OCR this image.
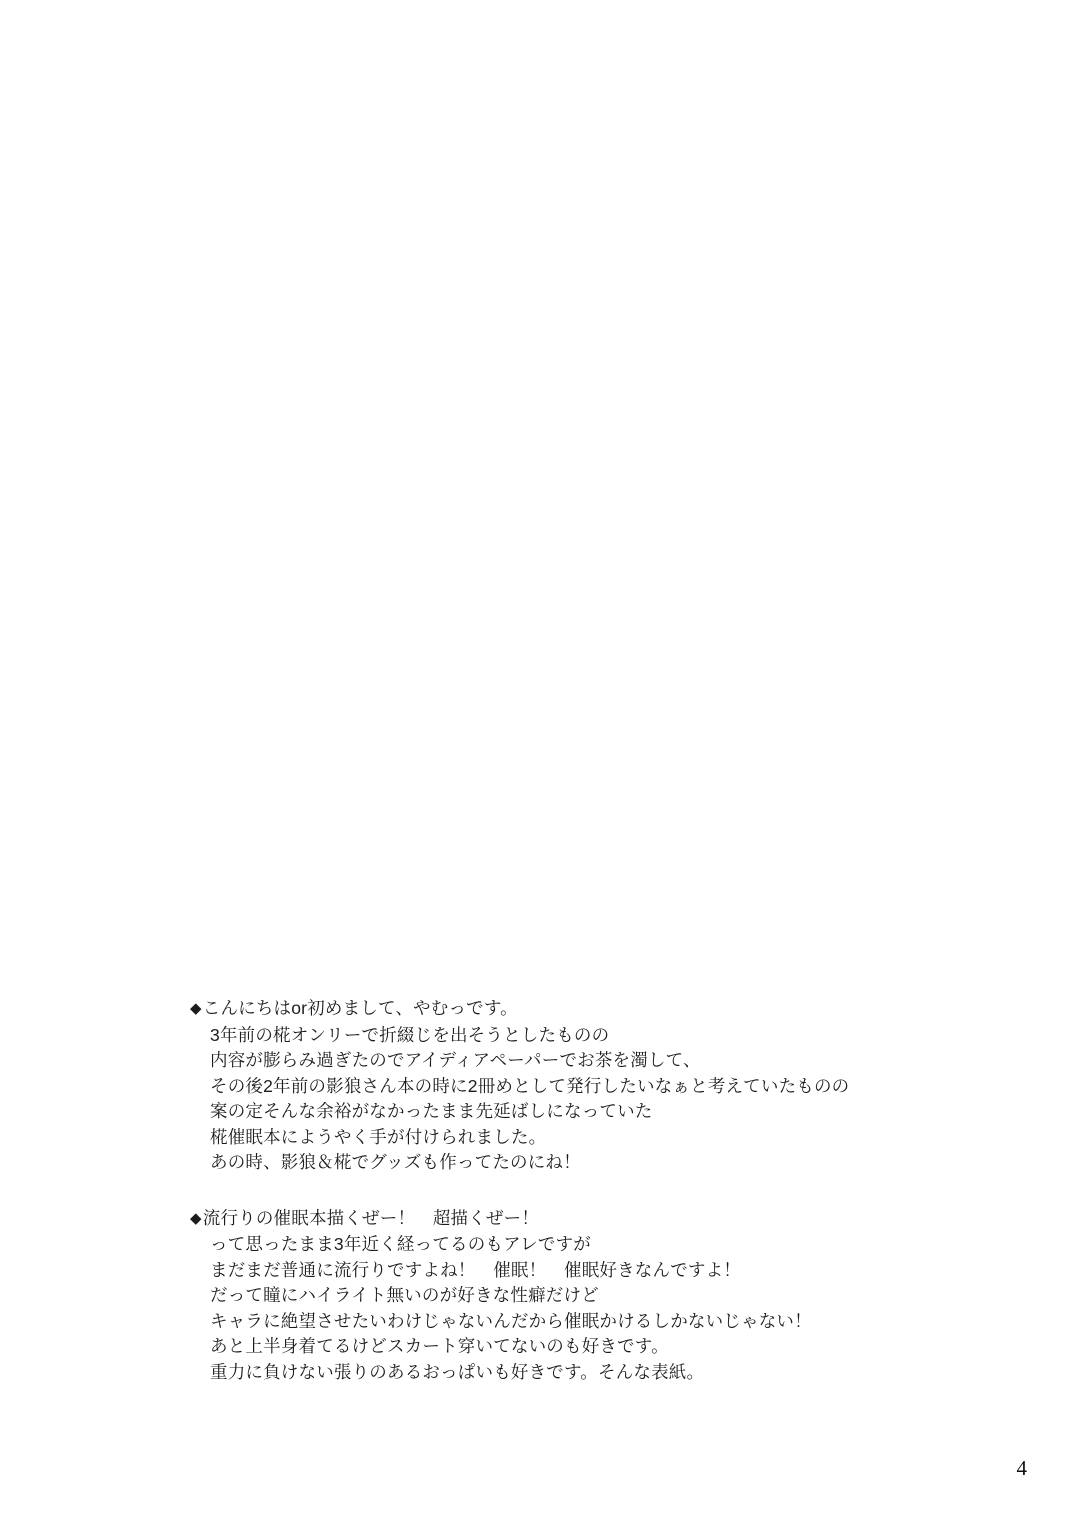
◆こんにちはor初めまして、やむっです。
3年前の椛オンリーで折綴じを出そうとしたものの
内容が膨らみ過ぎたのでアイディアペーパーでお茶を濁して、
その後2年前の影狼さん本の時に2冊めとして発行したいなぁと考えていたものの
案の定そんな余裕がなかったまま先延ばしになっていた
椛催眠本にようやく手が付けられました。
あの時、影狼＆椛でグッズも作ってたのにね！
◆流行りの催眠本描くぜー！　超描くぜー！
って思ったまま3年近く経ってるのもアレですが
まだまだ普通に流行りですよね！　催眠！　催眠好きなんですよ！
だって瞳にハイライト無いのが好きな性癖だけど
キャラに絶望させたいわけじゃないんだから催眠かけるしかないじゃない！
あと上半身着てるけどスカート穿いてないのも好きです。
重力に負けない張りのあるおっぱいも好きです。そんな表紙。
4
